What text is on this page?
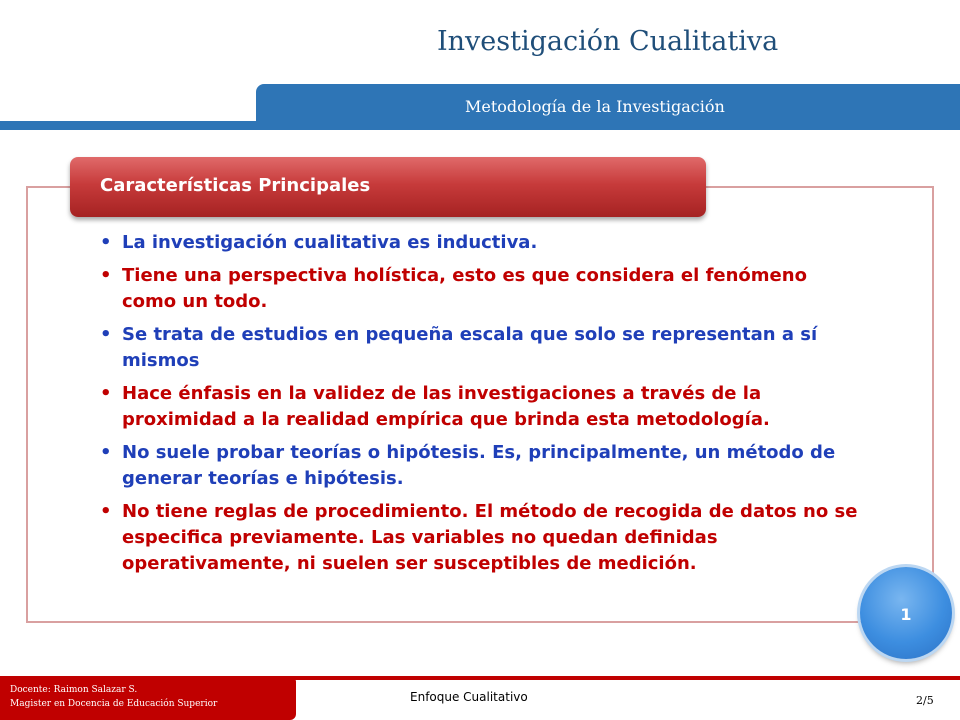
Investigación Cualitativa
Metodología de la Investigación
Características Principales
• La investigación cualitativa es inductiva.
• Tiene una perspectiva holística, esto es que considera el fenómeno como un todo.
• Se trata de estudios en pequeña escala que solo se representan a sí mismos
• Hace énfasis en la validez de las investigaciones a través de la proximidad a la realidad empírica que brinda esta metodología.
• No suele probar teorías o hipótesis. Es, principalmente, un método de generar teorías e hipótesis.
• No tiene reglas de procedimiento. El método de recogida de datos no se especifica previamente. Las variables no quedan definidas operativamente, ni suelen ser susceptibles de medición.
1
Docente: Raimon Salazar S.
Magister en Docencia de Educación Superior	Enfoque Cualitativo	2/5
